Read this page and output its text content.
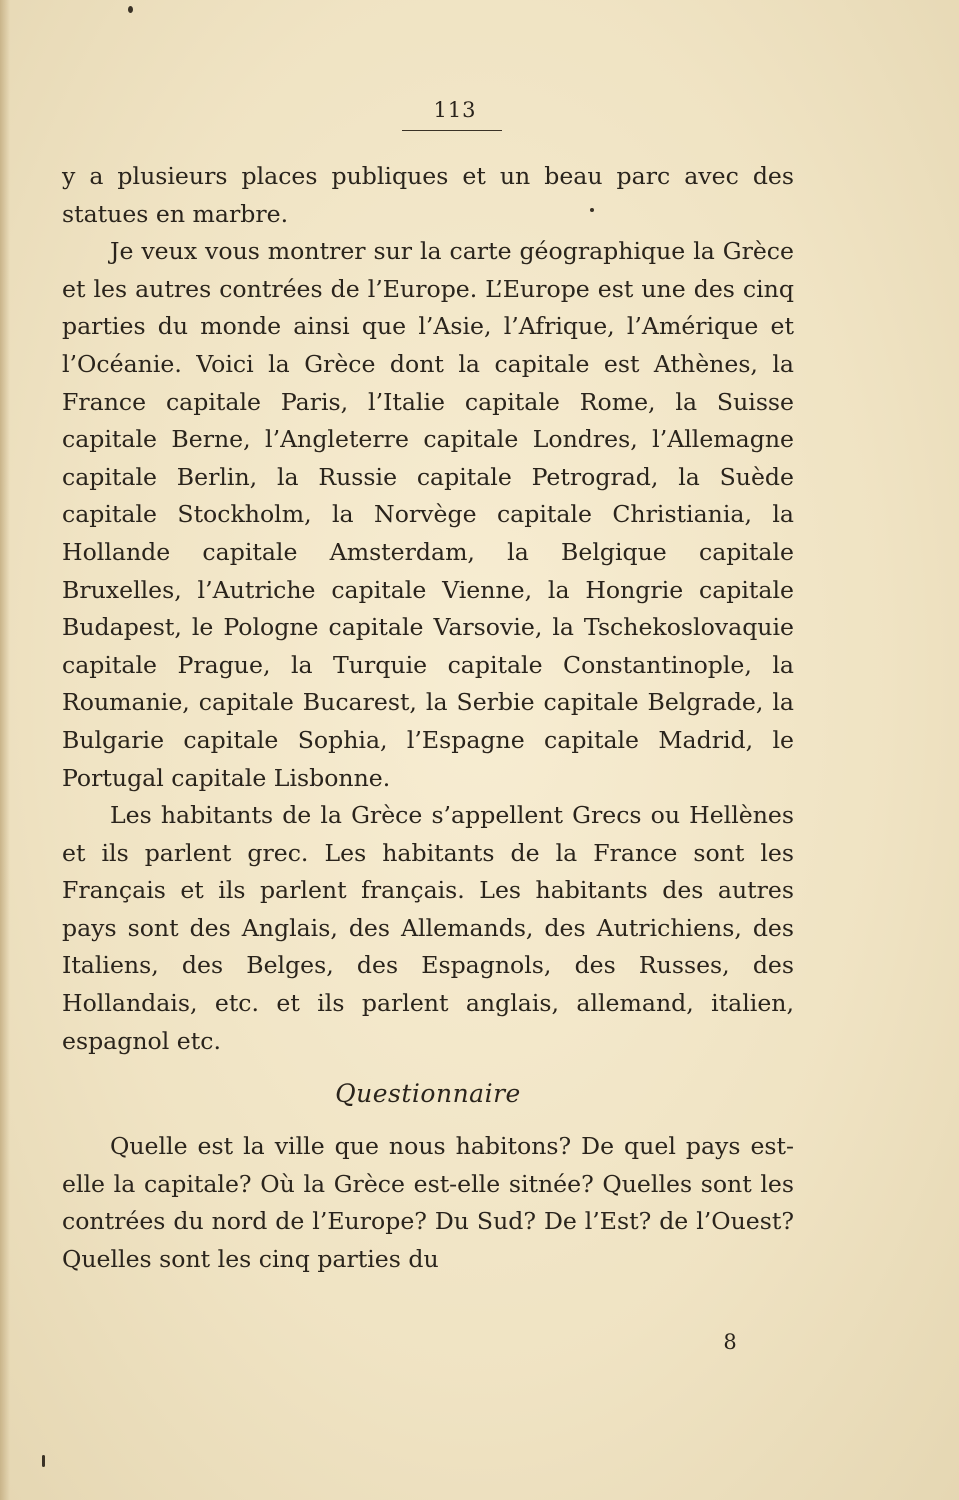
113

y a plusieurs places publiques et un beau parc avec des statues en marbre.

Je veux vous montrer sur la carte géographique la Grèce et les autres contrées de l’Europe. L’Europe est une des cinq parties du monde ainsi que l’Asie, l’Afrique, l’Amérique et l’Océanie. Voici la Grèce dont la capitale est Athènes, la France capitale Paris, l’Italie capitale Rome, la Suisse capitale Berne, l’Angleterre capitale Londres, l’Allemagne capitale Berlin, la Russie capitale Petrograd, la Suède capitale Stockholm, la Norvège capitale Christiania, la Hollande capitale Amsterdam, la Belgique capitale Bruxelles, l’Autriche capitale Vienne, la Hongrie capitale Budapest, le Pologne capitale Varsovie, la Tschekoslovaquie capitale Prague, la Turquie capitale Constantinople, la Roumanie, capitale Bucarest, la Serbie capitale Belgrade, la Bulgarie capitale Sophia, l’Espagne capitale Madrid, le Portugal capitale Lisbonne.

Les habitants de la Grèce s’appellent Grecs ou Hellènes et ils parlent grec. Les habitants de la France sont les Français et ils parlent français. Les habitants des autres pays sont des Anglais, des Allemands, des Autrichiens, des Italiens, des Belges, des Espagnols, des Russes, des Hollandais, etc. et ils parlent anglais, allemand, italien, espagnol etc.

Questionnaire

Quelle est la ville que nous habitons? De quel pays est-elle la capitale? Où la Grèce est-elle sitnée? Quelles sont les contrées du nord de l’Europe? Du Sud? De l’Est? de l’Ouest? Quelles sont les cinq parties du

8
